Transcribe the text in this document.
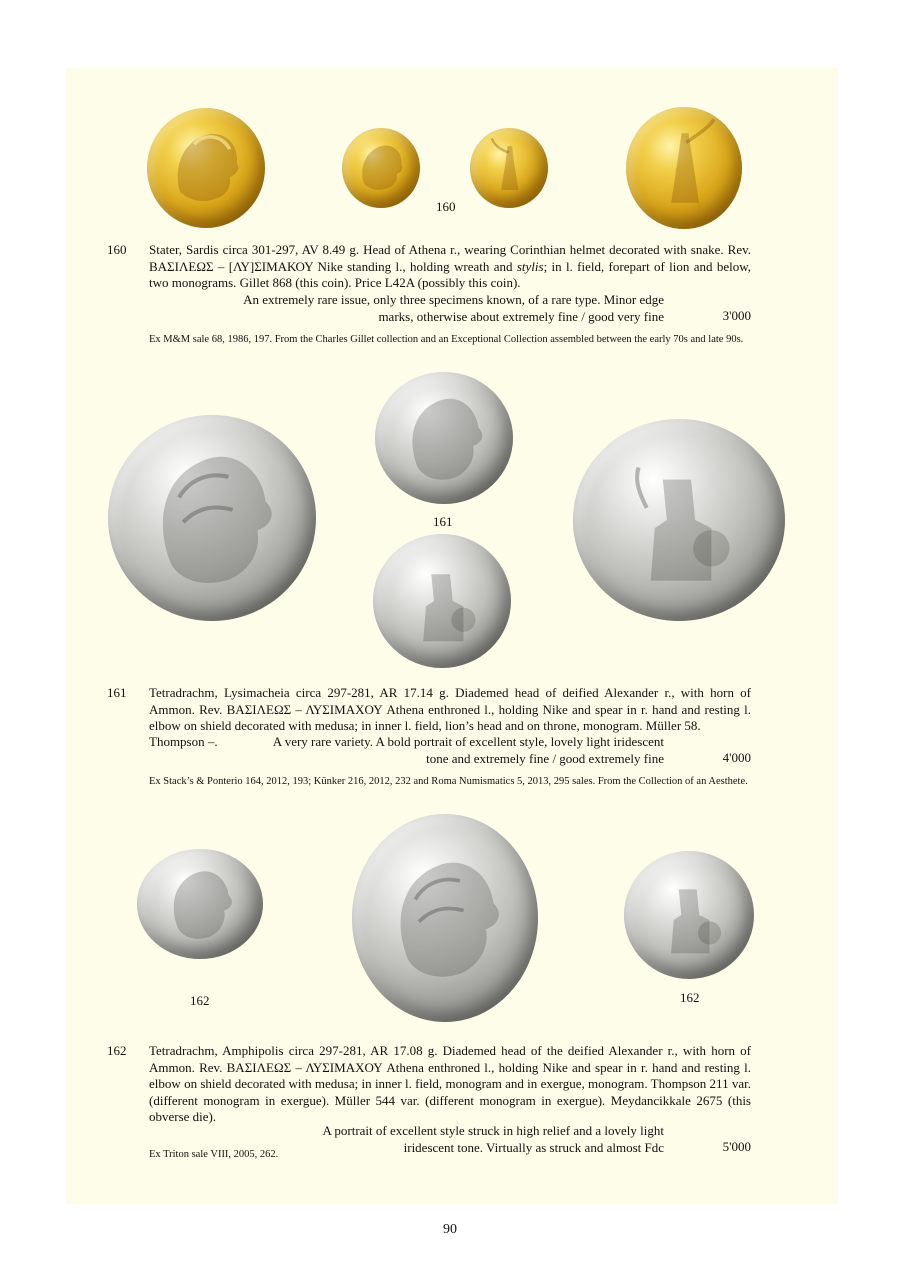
160
160 Stater, Sardis circa 301-297, AV 8.49 g. Head of Athena r., wearing Corinthian helmet decorated with snake. Rev. ΒΑΣΙΛΕΩΣ – [ΛΥ]ΣΙΜΑΚΟΥ Nike standing l., holding wreath and stylis; in l. field, forepart of lion and below, two monograms. Gillet 868 (this coin). Price L42A (possibly this coin).

An extremely rare issue, only three specimens known, of a rare type. Minor edge
marks, otherwise about extremely fine / good very fine	3'000

Ex M&M sale 68, 1986, 197. From the Charles Gillet collection and an Exceptional Collection assembled between the early 70s and late 90s.

161
161 Tetradrachm, Lysimacheia circa 297-281, AR 17.14 g. Diademed head of deified Alexander r., with horn of Ammon. Rev. ΒΑΣΙΛΕΩΣ – ΛΥΣΙΜΑΧΟΥ Athena enthroned l., holding Nike and spear in r. hand and resting l. elbow on shield decorated with medusa; in inner l. field, lion’s head and on throne, monogram. Müller 58.

Thompson –.	A very rare variety. A bold portrait of excellent style, lovely light iridescent
tone and extremely fine / good extremely fine	4'000

Ex Stack’s & Ponterio 164, 2012, 193; Künker 216, 2012, 232 and Roma Numismatics 5, 2013, 295 sales. From the Collection of an Aesthete.

162	162
162 Tetradrachm, Amphipolis circa 297-281, AR 17.08 g. Diademed head of the deified Alexander r., with horn of Ammon. Rev. ΒΑΣΙΛΕΩΣ – ΛΥΣΙΜΑΧΟΥ Athena enthroned l., holding Nike and spear in r. hand and resting l. elbow on shield decorated with medusa; in inner l. field, monogram and in exergue, monogram. Thompson 211 var. (different monogram in exergue). Müller 544 var. (different monogram in exergue). Meydancikkale 2675 (this obverse die).

A portrait of excellent style struck in high relief and a lovely light
iridescent tone. Virtually as struck and almost Fdc	5'000

Ex Triton sale VIII, 2005, 262.

90
